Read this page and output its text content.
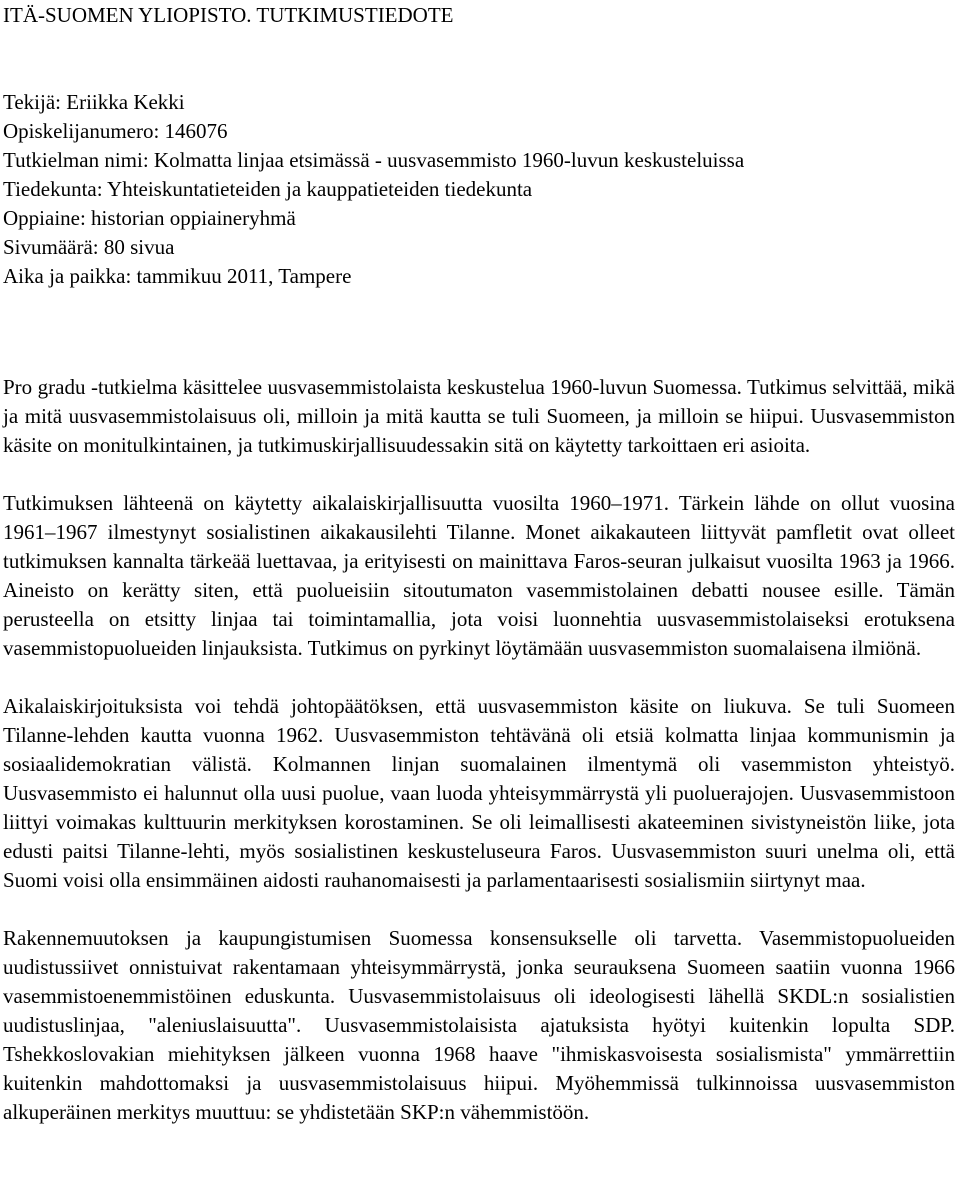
ITÄ-SUOMEN YLIOPISTO. TUTKIMUSTIEDOTE
Tekijä: Eriikka Kekki
Opiskelijanumero: 146076
Tutkielman nimi: Kolmatta linjaa etsimässä - uusvasemmisto 1960-luvun keskusteluissa
Tiedekunta: Yhteiskuntatieteiden ja kauppatieteiden tiedekunta
Oppiaine: historian oppiaineryhmä
Sivumäärä: 80 sivua
Aika ja paikka: tammikuu 2011, Tampere

Pro gradu -tutkielma käsittelee uusvasemmistolaista keskustelua 1960-luvun Suomessa. Tutkimus selvittää, mikä ja mitä uusvasemmistolaisuus oli, milloin ja mitä kautta se tuli Suomeen, ja milloin se hiipui. Uusvasemmiston käsite on monitulkintainen, ja tutkimuskirjallisuudessakin sitä on käytetty tarkoittaen eri asioita.

Tutkimuksen lähteenä on käytetty aikalaiskirjallisuutta vuosilta 1960–1971. Tärkein lähde on ollut vuosina 1961–1967 ilmestynyt sosialistinen aikakausilehti Tilanne. Monet aikakauteen liittyvät pamfletit ovat olleet tutkimuksen kannalta tärkeää luettavaa, ja erityisesti on mainittava Faros-seuran julkaisut vuosilta 1963 ja 1966. Aineisto on kerätty siten, että puolueisiin sitoutumaton vasemmistolainen debatti nousee esille. Tämän perusteella on etsitty linjaa tai toimintamallia, jota voisi luonnehtia uusvasemmistolaiseksi erotuksena vasemmistopuolueiden linjauksista. Tutkimus on pyrkinyt löytämään uusvasemmiston suomalaisena ilmiönä.

Aikalaiskirjoituksista voi tehdä johtopäätöksen, että uusvasemmiston käsite on liukuva. Se tuli Suomeen Tilanne-lehden kautta vuonna 1962. Uusvasemmiston tehtävänä oli etsiä kolmatta linjaa kommunismin ja sosiaalidemokratian välistä. Kolmannen linjan suomalainen ilmentymä oli vasemmiston yhteistyö. Uusvasemmisto ei halunnut olla uusi puolue, vaan luoda yhteisymmärrystä yli puoluerajojen. Uusvasemmistoon liittyi voimakas kulttuurin merkityksen korostaminen. Se oli leimallisesti akateeminen sivistyneistön liike, jota edusti paitsi Tilanne-lehti, myös sosialistinen keskusteluseura Faros. Uusvasemmiston suuri unelma oli, että Suomi voisi olla ensimmäinen aidosti rauhanomaisesti ja parlamentaarisesti sosialismiin siirtynyt maa.

Rakennemuutoksen ja kaupungistumisen Suomessa konsensukselle oli tarvetta. Vasemmistopuolueiden uudistussiivet onnistuivat rakentamaan yhteisymmärrystä, jonka seurauksena Suomeen saatiin vuonna 1966 vasemmistoenemmistöinen eduskunta. Uusvasemmistolaisuus oli ideologisesti lähellä SKDL:n sosialistien uudistuslinjaa, "aleniuslaisuutta". Uusvasemmistolaisista ajatuksista hyötyi kuitenkin lopulta SDP. Tshekkoslovakian miehityksen jälkeen vuonna 1968 haave "ihmiskasvoisesta sosialismista" ymmärrettiin kuitenkin mahdottomaksi ja uusvasemmistolaisuus hiipui. Myöhemmissä tulkinnoissa uusvasemmiston alkuperäinen merkitys muuttuu: se yhdistetään SKP:n vähemmistöön.
